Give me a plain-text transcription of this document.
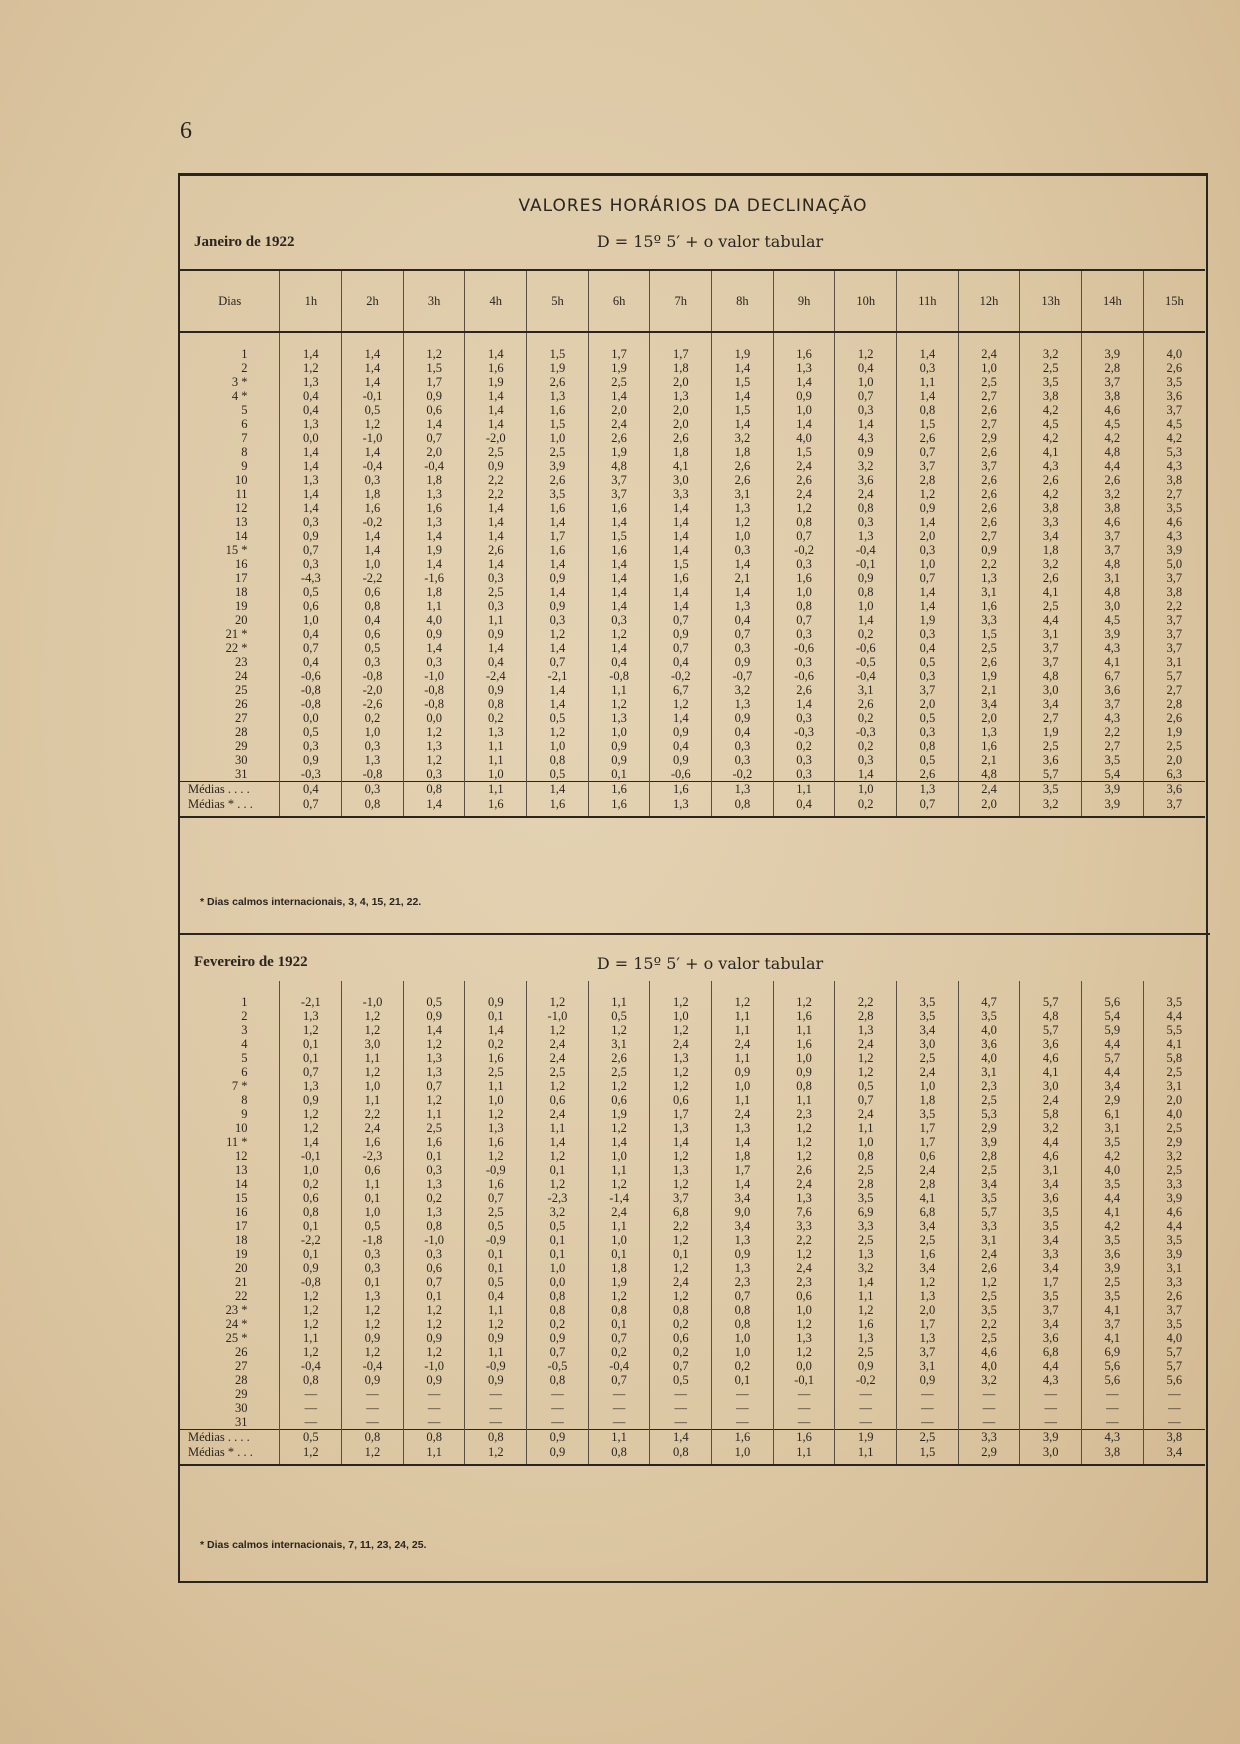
6
VALORES HORÁRIOS DA DECLINAÇÃO
Janeiro de 1922	D = 15º 5′ + o valor tabular
Dias	1h	2h	3h	4h	5h	6h	7h	8h	9h	10h	11h	12h	13h	14h	15h

1	1,4	1,4	1,2	1,4	1,5	1,7	1,7	1,9	1,6	1,2	1,4	2,4	3,2	3,9	4,0
2	1,2	1,4	1,5	1,6	1,9	1,9	1,8	1,4	1,3	0,4	0,3	1,0	2,5	2,8	2,6
3 *	1,3	1,4	1,7	1,9	2,6	2,5	2,0	1,5	1,4	1,0	1,1	2,5	3,5	3,7	3,5
4 *	0,4	-0,1	0,9	1,4	1,3	1,4	1,3	1,4	0,9	0,7	1,4	2,7	3,8	3,8	3,6
5	0,4	0,5	0,6	1,4	1,6	2,0	2,0	1,5	1,0	0,3	0,8	2,6	4,2	4,6	3,7
6	1,3	1,2	1,4	1,4	1,5	2,4	2,0	1,4	1,4	1,4	1,5	2,7	4,5	4,5	4,5
7	0,0	-1,0	0,7	-2,0	1,0	2,6	2,6	3,2	4,0	4,3	2,6	2,9	4,2	4,2	4,2
8	1,4	1,4	2,0	2,5	2,5	1,9	1,8	1,8	1,5	0,9	0,7	2,6	4,1	4,8	5,3
9	1,4	-0,4	-0,4	0,9	3,9	4,8	4,1	2,6	2,4	3,2	3,7	3,7	4,3	4,4	4,3
10	1,3	0,3	1,8	2,2	2,6	3,7	3,0	2,6	2,6	3,6	2,8	2,6	2,6	2,6	3,8
11	1,4	1,8	1,3	2,2	3,5	3,7	3,3	3,1	2,4	2,4	1,2	2,6	4,2	3,2	2,7
12	1,4	1,6	1,6	1,4	1,6	1,6	1,4	1,3	1,2	0,8	0,9	2,6	3,8	3,8	3,5
13	0,3	-0,2	1,3	1,4	1,4	1,4	1,4	1,2	0,8	0,3	1,4	2,6	3,3	4,6	4,6
14	0,9	1,4	1,4	1,4	1,7	1,5	1,4	1,0	0,7	1,3	2,0	2,7	3,4	3,7	4,3
15 *	0,7	1,4	1,9	2,6	1,6	1,6	1,4	0,3	-0,2	-0,4	0,3	0,9	1,8	3,7	3,9
16	0,3	1,0	1,4	1,4	1,4	1,4	1,5	1,4	0,3	-0,1	1,0	2,2	3,2	4,8	5,0
17	-4,3	-2,2	-1,6	0,3	0,9	1,4	1,6	2,1	1,6	0,9	0,7	1,3	2,6	3,1	3,7
18	0,5	0,6	1,8	2,5	1,4	1,4	1,4	1,4	1,0	0,8	1,4	3,1	4,1	4,8	3,8
19	0,6	0,8	1,1	0,3	0,9	1,4	1,4	1,3	0,8	1,0	1,4	1,6	2,5	3,0	2,2
20	1,0	0,4	4,0	1,1	0,3	0,3	0,7	0,4	0,7	1,4	1,9	3,3	4,4	4,5	3,7
21 *	0,4	0,6	0,9	0,9	1,2	1,2	0,9	0,7	0,3	0,2	0,3	1,5	3,1	3,9	3,7
22 *	0,7	0,5	1,4	1,4	1,4	1,4	0,7	0,3	-0,6	-0,6	0,4	2,5	3,7	4,3	3,7
23	0,4	0,3	0,3	0,4	0,7	0,4	0,4	0,9	0,3	-0,5	0,5	2,6	3,7	4,1	3,1
24	-0,6	-0,8	-1,0	-2,4	-2,1	-0,8	-0,2	-0,7	-0,6	-0,4	0,3	1,9	4,8	6,7	5,7
25	-0,8	-2,0	-0,8	0,9	1,4	1,1	6,7	3,2	2,6	3,1	3,7	2,1	3,0	3,6	2,7
26	-0,8	-2,6	-0,8	0,8	1,4	1,2	1,2	1,3	1,4	2,6	2,0	3,4	3,4	3,7	2,8
27	0,0	0,2	0,0	0,2	0,5	1,3	1,4	0,9	0,3	0,2	0,5	2,0	2,7	4,3	2,6
28	0,5	1,0	1,2	1,3	1,2	1,0	0,9	0,4	-0,3	-0,3	0,3	1,3	1,9	2,2	1,9
29	0,3	0,3	1,3	1,1	1,0	0,9	0,4	0,3	0,2	0,2	0,8	1,6	2,5	2,7	2,5
30	0,9	1,3	1,2	1,1	0,8	0,9	0,9	0,3	0,3	0,3	0,5	2,1	3,6	3,5	2,0
31	-0,3	-0,8	0,3	1,0	0,5	0,1	-0,6	-0,2	0,3	1,4	2,6	4,8	5,7	5,4	6,3
Médias . . . .	0,4	0,3	0,8	1,1	1,4	1,6	1,6	1,3	1,1	1,0	1,3	2,4	3,5	3,9	3,6
Médias * . . .	0,7	0,8	1,4	1,6	1,6	1,6	1,3	0,8	0,4	0,2	0,7	2,0	3,2	3,9	3,7
* Dias calmos internacionais, 3, 4, 15, 21, 22.
Fevereiro de 1922	D = 15º 5′ + o valor tabular

1	-2,1	-1,0	0,5	0,9	1,2	1,1	1,2	1,2	1,2	2,2	3,5	4,7	5,7	5,6	3,5
2	1,3	1,2	0,9	0,1	-1,0	0,5	1,0	1,1	1,6	2,8	3,5	3,5	4,8	5,4	4,4
3	1,2	1,2	1,4	1,4	1,2	1,2	1,2	1,1	1,1	1,3	3,4	4,0	5,7	5,9	5,5
4	0,1	3,0	1,2	0,2	2,4	3,1	2,4	2,4	1,6	2,4	3,0	3,6	3,6	4,4	4,1
5	0,1	1,1	1,3	1,6	2,4	2,6	1,3	1,1	1,0	1,2	2,5	4,0	4,6	5,7	5,8
6	0,7	1,2	1,3	2,5	2,5	2,5	1,2	0,9	0,9	1,2	2,4	3,1	4,1	4,4	2,5
7 *	1,3	1,0	0,7	1,1	1,2	1,2	1,2	1,0	0,8	0,5	1,0	2,3	3,0	3,4	3,1
8	0,9	1,1	1,2	1,0	0,6	0,6	0,6	1,1	1,1	0,7	1,8	2,5	2,4	2,9	2,0
9	1,2	2,2	1,1	1,2	2,4	1,9	1,7	2,4	2,3	2,4	3,5	5,3	5,8	6,1	4,0
10	1,2	2,4	2,5	1,3	1,1	1,2	1,3	1,3	1,2	1,1	1,7	2,9	3,2	3,1	2,5
11 *	1,4	1,6	1,6	1,6	1,4	1,4	1,4	1,4	1,2	1,0	1,7	3,9	4,4	3,5	2,9
12	-0,1	-2,3	0,1	1,2	1,2	1,0	1,2	1,8	1,2	0,8	0,6	2,8	4,6	4,2	3,2
13	1,0	0,6	0,3	-0,9	0,1	1,1	1,3	1,7	2,6	2,5	2,4	2,5	3,1	4,0	2,5
14	0,2	1,1	1,3	1,6	1,2	1,2	1,2	1,4	2,4	2,8	2,8	3,4	3,4	3,5	3,3
15	0,6	0,1	0,2	0,7	-2,3	-1,4	3,7	3,4	1,3	3,5	4,1	3,5	3,6	4,4	3,9
16	0,8	1,0	1,3	2,5	3,2	2,4	6,8	9,0	7,6	6,9	6,8	5,7	3,5	4,1	4,6
17	0,1	0,5	0,8	0,5	0,5	1,1	2,2	3,4	3,3	3,3	3,4	3,3	3,5	4,2	4,4
18	-2,2	-1,8	-1,0	-0,9	0,1	1,0	1,2	1,3	2,2	2,5	2,5	3,1	3,4	3,5	3,5
19	0,1	0,3	0,3	0,1	0,1	0,1	0,1	0,9	1,2	1,3	1,6	2,4	3,3	3,6	3,9
20	0,9	0,3	0,6	0,1	1,0	1,8	1,2	1,3	2,4	3,2	3,4	2,6	3,4	3,9	3,1
21	-0,8	0,1	0,7	0,5	0,0	1,9	2,4	2,3	2,3	1,4	1,2	1,2	1,7	2,5	3,3
22	1,2	1,3	0,1	0,4	0,8	1,2	1,2	0,7	0,6	1,1	1,3	2,5	3,5	3,5	2,6
23 *	1,2	1,2	1,2	1,1	0,8	0,8	0,8	0,8	1,0	1,2	2,0	3,5	3,7	4,1	3,7
24 *	1,2	1,2	1,2	1,2	0,2	0,1	0,2	0,8	1,2	1,6	1,7	2,2	3,4	3,7	3,5
25 *	1,1	0,9	0,9	0,9	0,9	0,7	0,6	1,0	1,3	1,3	1,3	2,5	3,6	4,1	4,0
26	1,2	1,2	1,2	1,1	0,7	0,2	0,2	1,0	1,2	2,5	3,7	4,6	6,8	6,9	5,7
27	-0,4	-0,4	-1,0	-0,9	-0,5	-0,4	0,7	0,2	0,0	0,9	3,1	4,0	4,4	5,6	5,7
28	0,8	0,9	0,9	0,9	0,8	0,7	0,5	0,1	-0,1	-0,2	0,9	3,2	4,3	5,6	5,6
29	—	—	—	—	—	—	—	—	—	—	—	—	—	—	—
30	—	—	—	—	—	—	—	—	—	—	—	—	—	—	—
31	—	—	—	—	—	—	—	—	—	—	—	—	—	—	—
Médias . . . .	0,5	0,8	0,8	0,8	0,9	1,1	1,4	1,6	1,6	1,9	2,5	3,3	3,9	4,3	3,8
Médias * . . .	1,2	1,2	1,1	1,2	0,9	0,8	0,8	1,0	1,1	1,1	1,5	2,9	3,0	3,8	3,4
* Dias calmos internacionais, 7, 11, 23, 24, 25.
